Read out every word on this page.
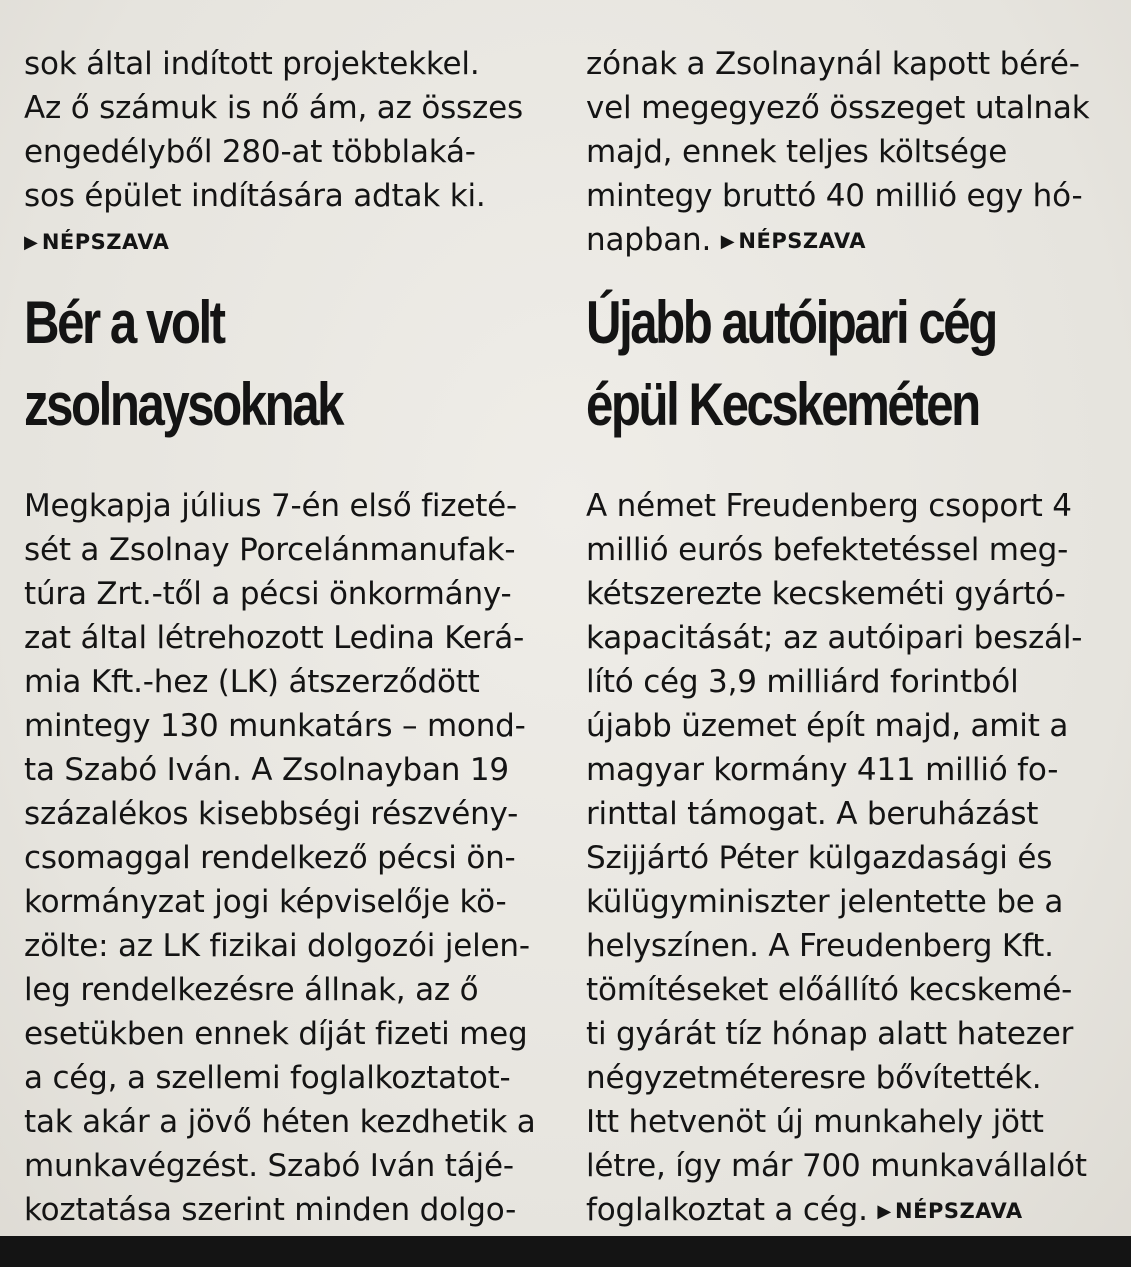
sok által indított projektekkel.
Az ő számuk is nő ám, az összes
engedélyből 280-at többlaká-
sos épület indítására adtak ki.
▶ NÉPSZAVA
Bér a volt
zsolnaysoknak
Megkapja július 7-én első fizeté-
sét a Zsolnay Porcelánmanufak-
túra Zrt.-től a pécsi önkormány-
zat által létrehozott Ledina Kerá-
mia Kft.-hez (LK) átszerződött
mintegy 130 munkatárs – mond-
ta Szabó Iván. A Zsolnayban 19
százalékos kisebbségi részvény-
csomaggal rendelkező pécsi ön-
kormányzat jogi képviselője kö-
zölte: az LK fizikai dolgozói jelen-
leg rendelkezésre állnak, az ő
esetükben ennek díját fizeti meg
a cég, a szellemi foglalkoztatot-
tak akár a jövő héten kezdhetik a
munkavégzést. Szabó Iván tájé-
koztatása szerint minden dolgo-
zónak a Zsolnaynál kapott béré-
vel megegyező összeget utalnak
majd, ennek teljes költsége
mintegy bruttó 40 millió egy hó-
napban. ▶ NÉPSZAVA
Újabb autóipari cég
épül Kecskeméten
A német Freudenberg csoport 4
millió eurós befektetéssel meg-
kétszerezte kecskeméti gyártó-
kapacitását; az autóipari beszál-
lító cég 3,9 milliárd forintból
újabb üzemet épít majd, amit a
magyar kormány 411 millió fo-
rinttal támogat. A beruházást
Szijjártó Péter külgazdasági és
külügyminiszter jelentette be a
helyszínen. A Freudenberg Kft.
tömítéseket előállító kecskemé-
ti gyárát tíz hónap alatt hatezer
négyzetméteresre bővítették.
Itt hetvenöt új munkahely jött
létre, így már 700 munkavállalót
foglalkoztat a cég. ▶ NÉPSZAVA
